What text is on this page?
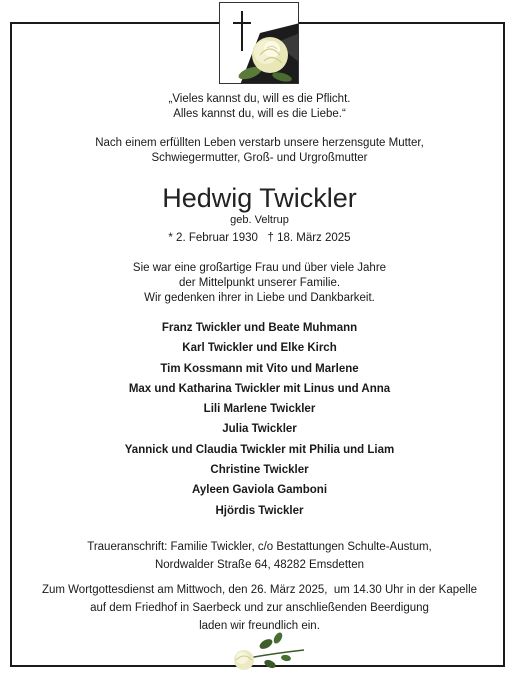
„Vieles kannst du, will es die Pflicht.

Alles kannst du, will es die Liebe.“

Nach einem erfüllten Leben verstarb unsere herzensgute Mutter,

Schwiegermutter, Groß- und Urgroßmutter

Hedwig Twickler
geb. Veltrup
* 2. Februar 1930   † 18. März 2025

Sie war eine großartige Frau und über viele Jahre

der Mittelpunkt unserer Familie.

Wir gedenken ihrer in Liebe und Dankbarkeit.

Franz Twickler und Beate Muhmann
Karl Twickler und Elke Kirch
Tim Kossmann mit Vito und Marlene
Max und Katharina Twickler mit Linus und Anna
Lili Marlene Twickler
Julia Twickler
Yannick und Claudia Twickler mit Philia und Liam
Christine Twickler
Ayleen Gaviola Gamboni
Hjördis Twickler

Traueranschrift: Familie Twickler, c/o Bestattungen Schulte-Austum,

Nordwalder Straße 64, 48282 Emsdetten

Zum Wortgottesdienst am Mittwoch, den 26. März 2025,  um 14.30 Uhr in der Kapelle

auf dem Friedhof in Saerbeck und zur anschließenden Beerdigung

laden wir freundlich ein.
